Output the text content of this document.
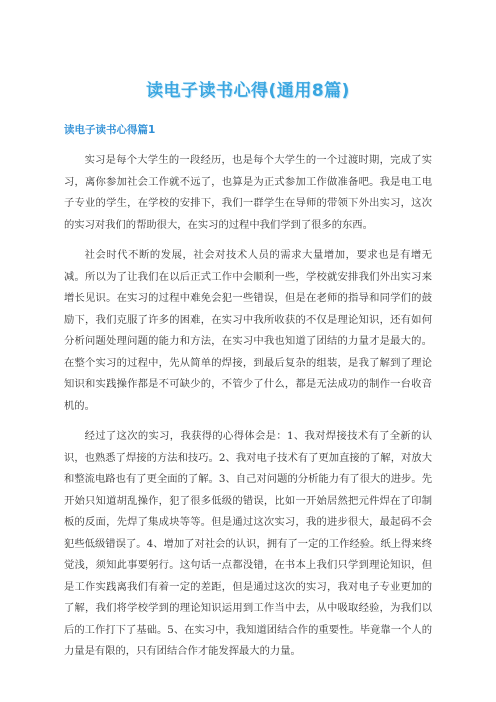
读电子读书心得(通用8篇)
读电子读书心得篇1

实习是每个大学生的一段经历，也是每个大学生的一个过渡时期，完成了实习，离你参加社会工作就不远了，也算是为正式参加工作做准备吧。我是电工电子专业的学生，在学校的安排下，我们一群学生在导师的带领下外出实习，这次的实习对我们的帮助很大，在实习的过程中我们学到了很多的东西。

社会时代不断的发展，社会对技术人员的需求大量增加，要求也是有增无减。所以为了让我们在以后正式工作中会顺利一些，学校就安排我们外出实习来增长见识。在实习的过程中难免会犯一些错误，但是在老师的指导和同学们的鼓励下，我们克服了许多的困难，在实习中我所收获的不仅是理论知识，还有如何分析问题处理问题的能力和方法，在实习中我也知道了团结的力量才是最大的。在整个实习的过程中，先从简单的焊接，到最后复杂的组装，是我了解到了理论知识和实践操作都是不可缺少的，不管少了什么，都是无法成功的制作一台收音机的。

经过了这次的实习，我获得的心得体会是：1、我对焊接技术有了全新的认识，也熟悉了焊接的方法和技巧。2、我对电子技术有了更加直接的了解，对放大和整流电路也有了更全面的了解。3、自己对问题的分析能力有了很大的进步。先开始只知道胡乱操作，犯了很多低级的错误，比如一开始居然把元件焊在了印制板的反面，先焊了集成块等等。但是通过这次实习，我的进步很大，最起码不会犯些低级错误了。4、增加了对社会的认识，拥有了一定的工作经验。纸上得来终觉浅，须知此事要躬行。这句话一点都没错，在书本上我们只学到理论知识，但是工作实践离我们有着一定的差距，但是通过这次的实习，我对电子专业更加的了解，我们将学校学到的理论知识运用到工作当中去，从中吸取经验，为我们以后的工作打下了基础。5、在实习中，我知道团结合作的重要性。毕竟靠一个人的力量是有限的，只有团结合作才能发挥最大的力量。
